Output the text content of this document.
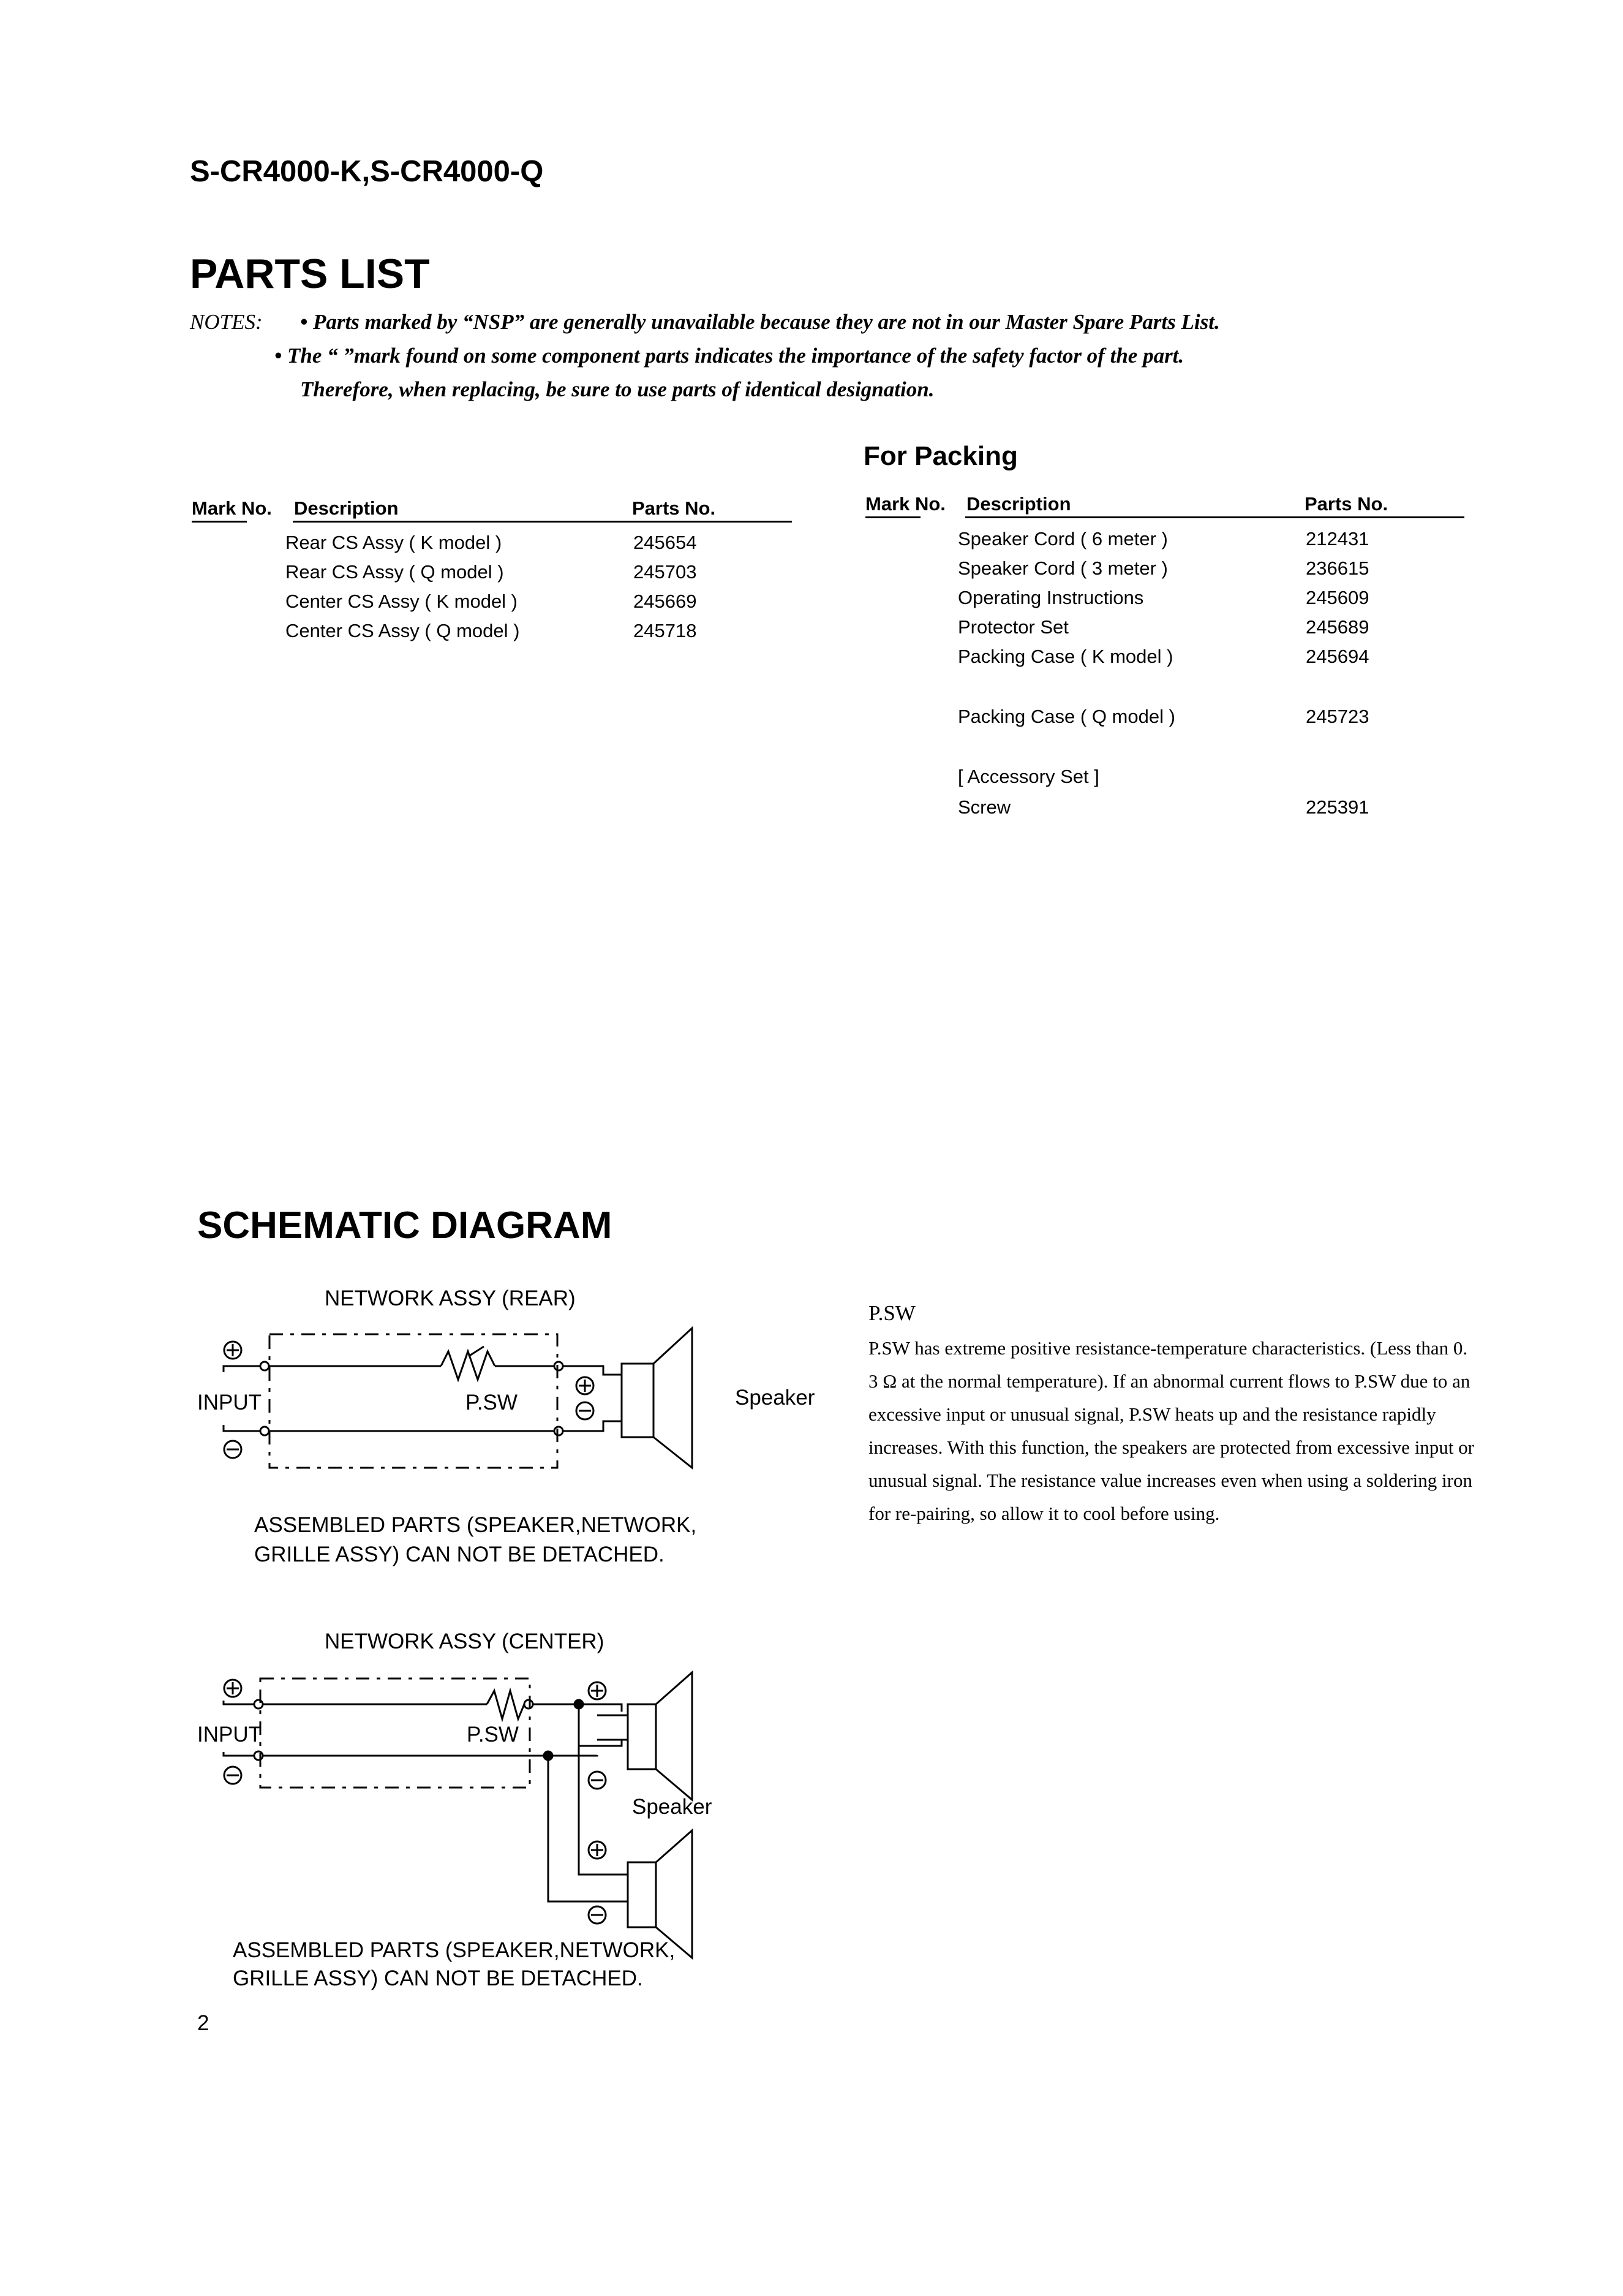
S-CR4000-K,S-CR4000-Q
PARTS LIST
NOTES: • Parts marked by “NSP” are generally unavailable because they are not in our Master Spare Parts List.
• The “ ”mark found on some component parts indicates the importance of the safety factor of the part.
Therefore, when replacing, be sure to use parts of identical designation.
Mark No. Description	Parts No.
Rear CS Assy ( K model )	245654
Rear CS Assy ( Q model )	245703
Center CS Assy ( K model )	245669
Center CS Assy ( Q model )	245718
For Packing
Mark No. Description	Parts No.
Speaker Cord ( 6 meter )	212431
Speaker Cord ( 3 meter )	236615
Operating Instructions	245609
Protector Set	245689
Packing Case ( K model )	245694
Packing Case ( Q model )	245723
[ Accessory Set ]
Screw	225391
SCHEMATIC DIAGRAM
NETWORK ASSY (REAR)
INPUT	P.SW	Speaker
ASSEMBLED PARTS (SPEAKER,NETWORK,
GRILLE ASSY) CAN NOT BE DETACHED.
NETWORK ASSY (CENTER)
INPUT	P.SW
Speaker
ASSEMBLED PARTS (SPEAKER,NETWORK,
GRILLE ASSY) CAN NOT BE DETACHED.
P.SW
P.SW has extreme positive resistance-temperature characteristics. (Less than 0. 3 Ω at the normal temperature). If an abnormal current flows to P.SW due to an excessive input or unusual signal, P.SW heats up and the resistance rapidly increases. With this function, the speakers are protected from excessive input or unusual signal. The resistance value increases even when using a soldering iron for re-pairing, so allow it to cool before using.
2
